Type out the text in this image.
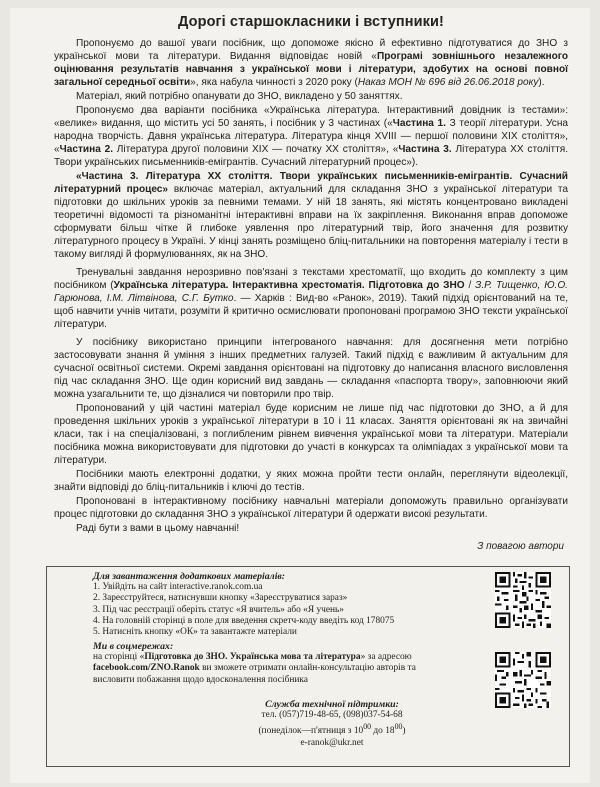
Дорогі старшокласники і вступники!

Пропонуємо до вашої уваги посібник, що допоможе якісно й ефективно підготуватися до ЗНО з української мови та літератури. Видання відповідає новій «Програмі зовнішнього незалежного оцінювання результатів навчання з української мови і літератури, здобутих на основі повної загальної середньої освіти», яка набула чинності з 2020 року (Наказ МОН № 696 від 26.06.2018 року).

Матеріал, який потрібно опанувати до ЗНО, викладено у 50 заняттях.

Пропонуємо два варіанти посібника «Українська література. Інтерактивний довідник із тестами»: «велике» видання, що містить усі 50 занять, і посібник у 3 частинах («Частина 1. З теорії літератури. Усна народна творчість. Давня українська література. Література кінця XVIII — першої половини XIX століття», «Частина 2. Література другої половини XIX — початку XX століття», «Частина 3. Література XX століття. Твори українських письменників-емігрантів. Сучасний літературний процес»).

«Частина 3. Література XX століття. Твори українських письменників-емігрантів. Сучасний літературний процес» включає матеріал, актуальний для складання ЗНО з української літератури та підготовки до шкільних уроків за певними темами. У ній 18 занять, які містять концентровано викладені теоретичні відомості та різноманітні інтерактивні вправи на їх закріплення. Виконання вправ допоможе сформувати більш чітке й глибоке уявлення про літературний твір, його значення для розвитку літературного процесу в Україні. У кінці занять розміщено бліц-питальники на повторення матеріалу і тести в такому вигляді й формулюваннях, як на ЗНО.

Тренувальні завдання нерозривно пов'язані з текстами хрестоматії, що входить до комплекту з цим посібником (Українська література. Інтерактивна хрестоматія. Підготовка до ЗНО / З.Р. Тищенко, Ю.О. Гарюнова, І.М. Літвінова, С.Г. Бутко. — Харків : Вид-во «Ранок», 2019). Такий підхід орієнтований на те, щоб навчити учнів читати, розуміти й критично осмислювати пропоновані програмою ЗНО тексти української літератури.

У посібнику використано принципи інтегрованого навчання: для досягнення мети потрібно застосовувати знання й уміння з інших предметних галузей. Такий підхід є важливим й актуальним для сучасної освітньої системи. Окремі завдання орієнтовані на підготовку до написання власного висловлення під час складання ЗНО. Ще один корисний вид завдань — складання «паспорта твору», заповнюючи який можна узагальнити те, що дізналися чи повторили про твір.

Пропонований у цій частині матеріал буде корисним не лише під час підготовки до ЗНО, а й для проведення шкільних уроків з української літератури в 10 і 11 класах. Заняття орієнтовані як на звичайні класи, так і на спеціалізовані, з поглибленим рівнем вивчення української мови та літератури. Матеріали посібника можна використовувати для підготовки до участі в конкурсах та олімпіадах з української мови та літератури.

Посібники мають електронні додатки, у яких можна пройти тести онлайн, переглянути відеолекції, знайти відповіді до бліц-питальників і ключі до тестів.

Пропоновані в інтерактивному посібнику навчальні матеріали допоможуть правильно організувати процес підготовки до складання ЗНО з української літератури й одержати високі результати.

Раді бути з вами в цьому навчанні!

З повагою автори
Для завантаження додаткових матеріалів:
1. Увійдіть на сайт interactive.ranok.com.ua
2. Зареєструйтеся, натиснувши кнопку «Зареєструватися зараз»
3. Під час реєстрації оберіть статус «Я вчитель» або «Я учень»
4. На головній сторінці в поле для введення скретч-коду введіть код 178075
5. Натисніть кнопку «ОК» та завантажте матеріали
Ми в соцмережах:
на сторінці «Підготовка до ЗНО. Українська мова та література» за адресою
facebook.com/ZNO.Ranok ви зможете отримати онлайн-консультацію авторів та висловити побажання щодо вдосконалення посібника
Служба технічної підтримки:
тел. (057)719-48-65, (098)037-54-68
(понеділок—п'ятниця з $10^{00}$ до $18^{00}$)
e-ranok@ukr.net
